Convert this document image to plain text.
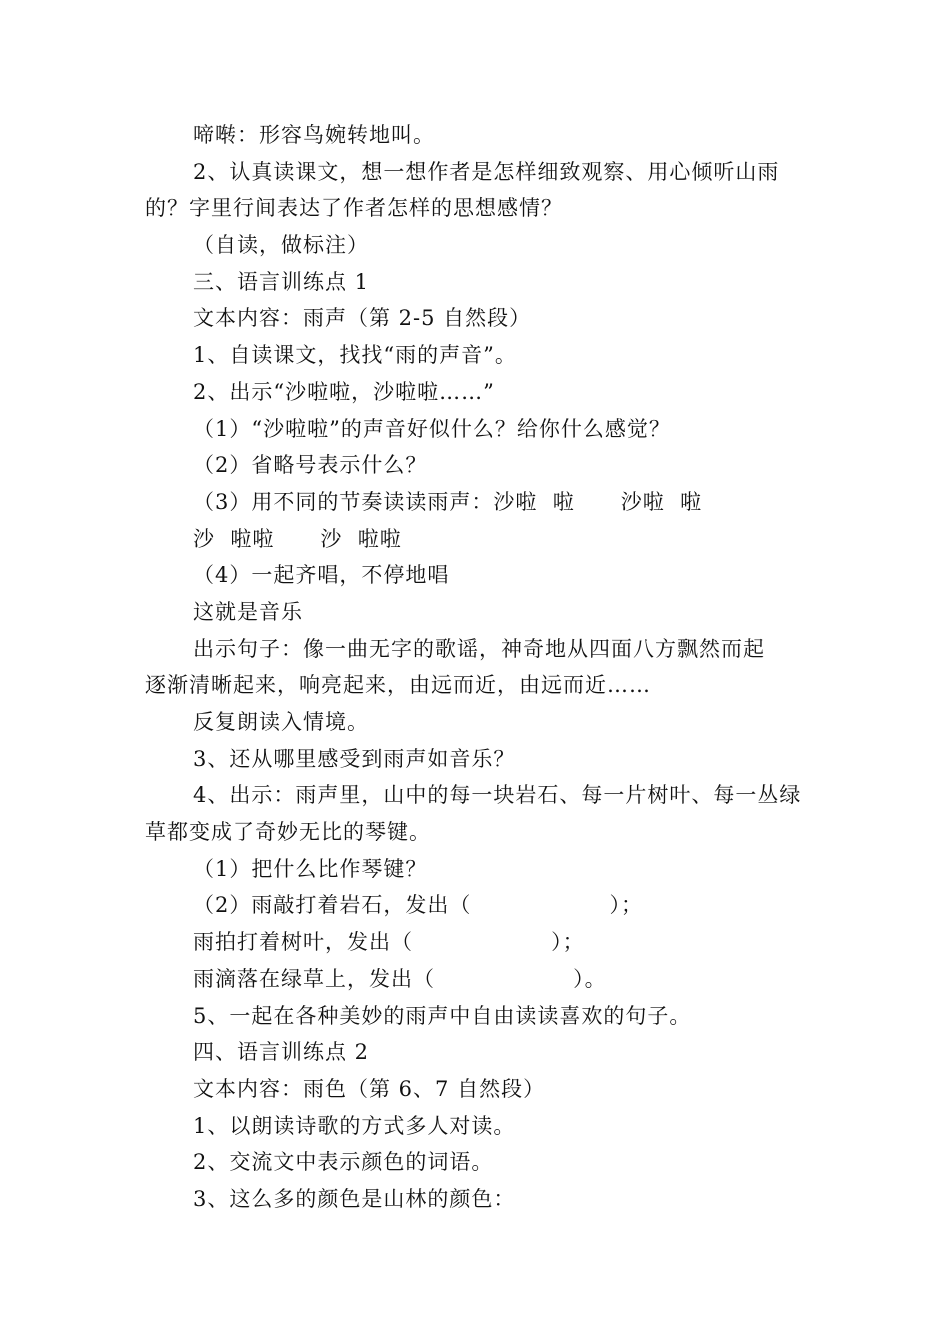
啼啭：形容鸟婉转地叫。
2、认真读课文，想一想作者是怎样细致观察、用心倾听山雨
的？字里行间表达了作者怎样的思想感情？
（自读，做标注）
三、语言训练点 1
文本内容：雨声（第 2-5 自然段）
1、自读课文，找找“雨的声音”。
2、出示“沙啦啦，沙啦啦……”
（1）“沙啦啦”的声音好似什么？给你什么感觉？
（2）省略号表示什么？
（3）用不同的节奏读读雨声：沙啦  啦      沙啦  啦
沙  啦啦      沙  啦啦
（4）一起齐唱，不停地唱
这就是音乐
出示句子：像一曲无字的歌谣，神奇地从四面八方飘然而起
逐渐清晰起来，响亮起来，由远而近，由远而近……
反复朗读入情境。
3、还从哪里感受到雨声如音乐？
4、出示：雨声里，山中的每一块岩石、每一片树叶、每一丛绿
草都变成了奇妙无比的琴键。
（1）把什么比作琴键？
（2）雨敲打着岩石，发出（                  ）；
雨拍打着树叶，发出（                  ）；
雨滴落在绿草上，发出（                  ）。
5、一起在各种美妙的雨声中自由读读喜欢的句子。
四、语言训练点 2
文本内容：雨色（第 6、7 自然段）
1、以朗读诗歌的方式多人对读。
2、交流文中表示颜色的词语。
3、这么多的颜色是山林的颜色：
